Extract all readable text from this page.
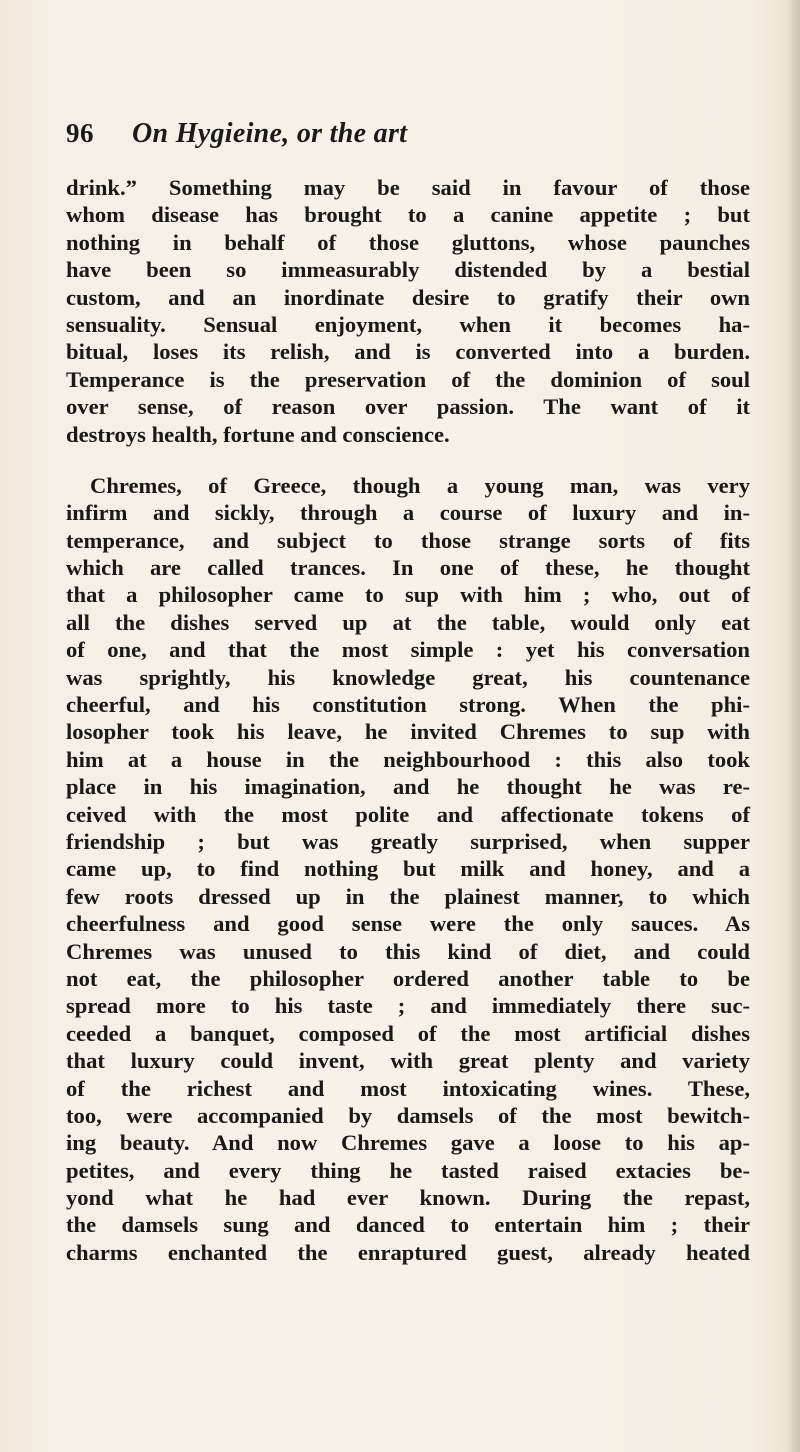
96 On Hygieine, or the art
drink.” Something may be said in favour of those
whom disease has brought to a canine appetite ; but
nothing in behalf of those gluttons, whose paunches
have been so immeasurably distended by a bestial
custom, and an inordinate desire to gratify their own
sensuality. Sensual enjoyment, when it becomes ha-
bitual, loses its relish, and is converted into a burden.
Temperance is the preservation of the dominion of soul
over sense, of reason over passion. The want of it
destroys health, fortune and conscience.
Chremes, of Greece, though a young man, was very
infirm and sickly, through a course of luxury and in-
temperance, and subject to those strange sorts of fits
which are called trances. In one of these, he thought
that a philosopher came to sup with him ; who, out of
all the dishes served up at the table, would only eat
of one, and that the most simple : yet his conversation
was sprightly, his knowledge great, his countenance
cheerful, and his constitution strong. When the phi-
losopher took his leave, he invited Chremes to sup with
him at a house in the neighbourhood : this also took
place in his imagination, and he thought he was re-
ceived with the most polite and affectionate tokens of
friendship ; but was greatly surprised, when supper
came up, to find nothing but milk and honey, and a
few roots dressed up in the plainest manner, to which
cheerfulness and good sense were the only sauces. As
Chremes was unused to this kind of diet, and could
not eat, the philosopher ordered another table to be
spread more to his taste ; and immediately there suc-
ceeded a banquet, composed of the most artificial dishes
that luxury could invent, with great plenty and variety
of the richest and most intoxicating wines. These,
too, were accompanied by damsels of the most bewitch-
ing beauty. And now Chremes gave a loose to his ap-
petites, and every thing he tasted raised extacies be-
yond what he had ever known. During the repast,
the damsels sung and danced to entertain him ; their
charms enchanted the enraptured guest, already heated
